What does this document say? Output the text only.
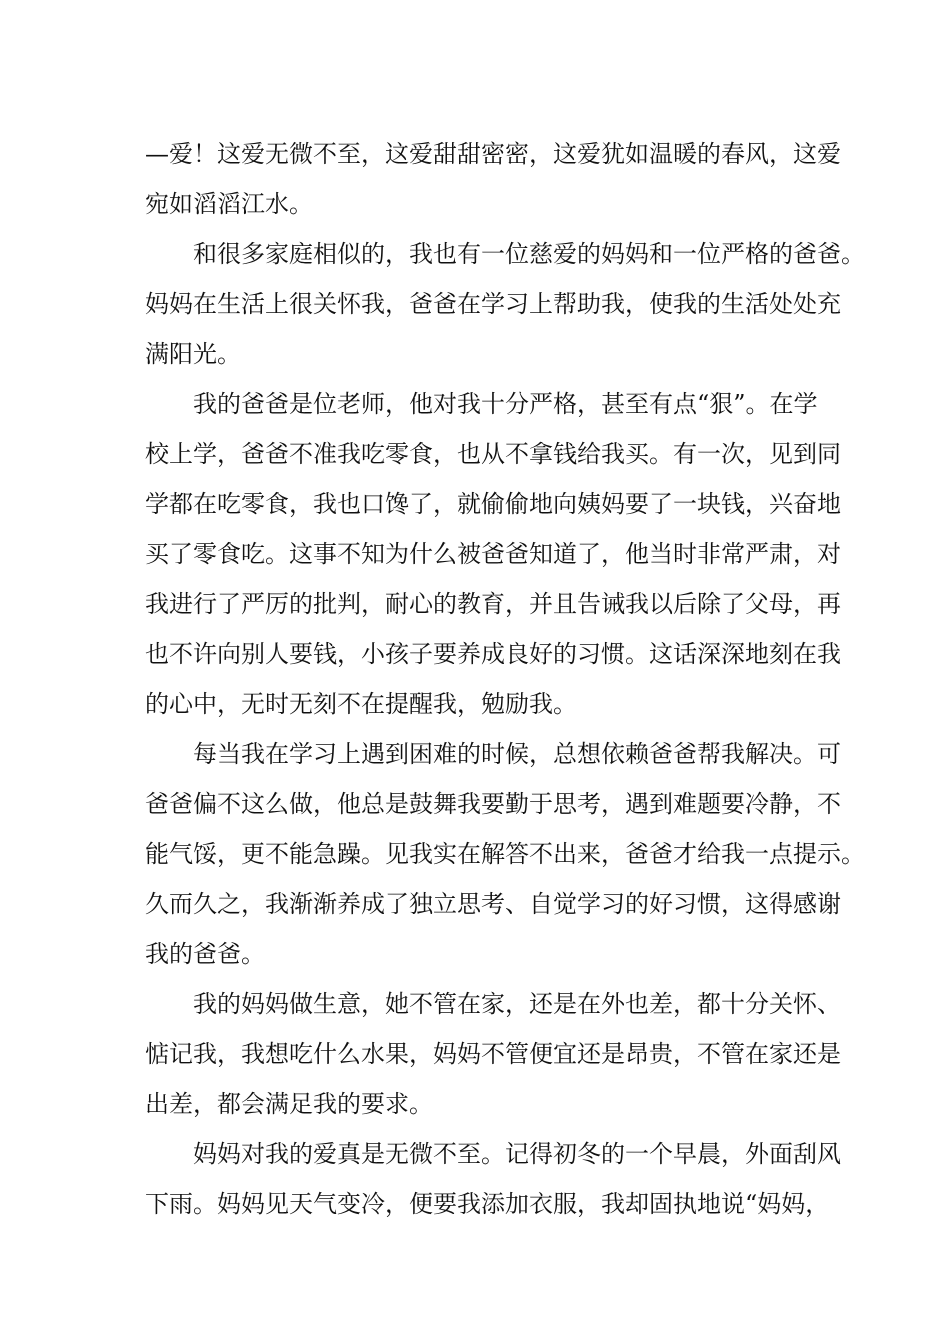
—爱！这爱无微不至，这爱甜甜密密，这爱犹如温暖的春风，这爱
宛如滔滔江水。
和很多家庭相似的，我也有一位慈爱的妈妈和一位严格的爸爸。
妈妈在生活上很关怀我，爸爸在学习上帮助我，使我的生活处处充
满阳光。
我的爸爸是位老师，他对我十分严格，甚至有点“狠”。在学
校上学，爸爸不准我吃零食，也从不拿钱给我买。有一次，见到同
学都在吃零食，我也口馋了，就偷偷地向姨妈要了一块钱，兴奋地
买了零食吃。这事不知为什么被爸爸知道了，他当时非常严肃，对
我进行了严厉的批判，耐心的教育，并且告诫我以后除了父母，再
也不许向别人要钱，小孩子要养成良好的习惯。这话深深地刻在我
的心中，无时无刻不在提醒我，勉励我。
每当我在学习上遇到困难的时候，总想依赖爸爸帮我解决。可
爸爸偏不这么做，他总是鼓舞我要勤于思考，遇到难题要冷静，不
能气馁，更不能急躁。见我实在解答不出来，爸爸才给我一点提示。
久而久之，我渐渐养成了独立思考、自觉学习的好习惯，这得感谢
我的爸爸。
我的妈妈做生意，她不管在家，还是在外也差，都十分关怀、
惦记我，我想吃什么水果，妈妈不管便宜还是昂贵，不管在家还是
出差，都会满足我的要求。
妈妈对我的爱真是无微不至。记得初冬的一个早晨，外面刮风
下雨。妈妈见天气变冷，便要我添加衣服，我却固执地说“妈妈，
